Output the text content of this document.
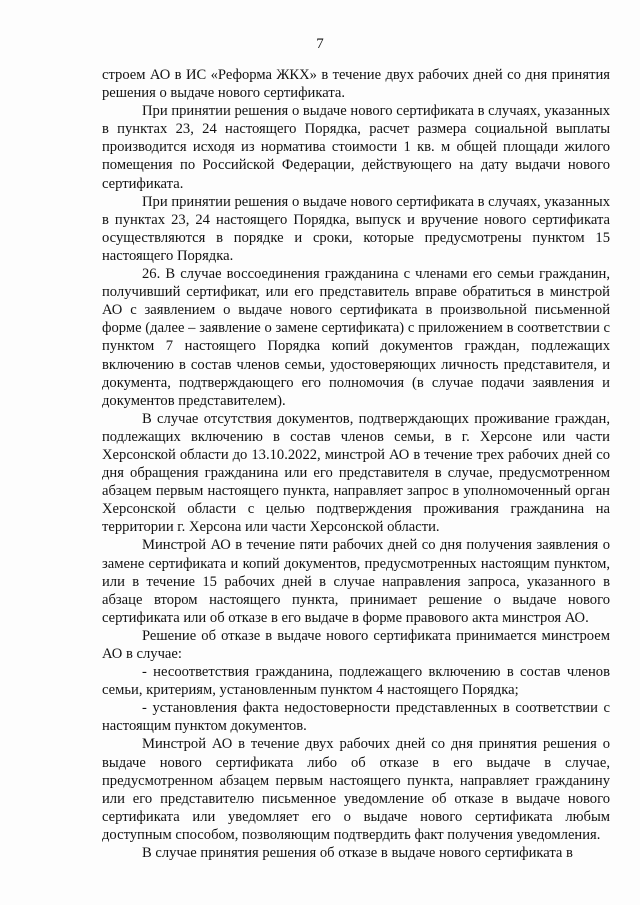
7

строем АО в ИС «Реформа ЖКХ» в течение двух рабочих дней со дня принятия решения о выдаче нового сертификата.

При принятии решения о выдаче нового сертификата в случаях, указанных в пунктах 23, 24 настоящего Порядка, расчет размера социальной выплаты производится исходя из норматива стоимости 1 кв. м общей площади жилого помещения по Российской Федерации, действующего на дату выдачи нового сертификата.

При принятии решения о выдаче нового сертификата в случаях, указанных в пунктах 23, 24 настоящего Порядка, выпуск и вручение нового сертификата осуществляются в порядке и сроки, которые предусмотрены пунктом 15 настоящего Порядка.

26. В случае воссоединения гражданина с членами его семьи гражданин, получивший сертификат, или его представитель вправе обратиться в минстрой АО с заявлением о выдаче нового сертификата в произвольной письменной форме (далее – заявление о замене сертификата) с приложением в соответствии с пунктом 7 настоящего Порядка копий документов граждан, подлежащих включению в состав членов семьи, удостоверяющих личность представителя, и документа, подтверждающего его полномочия (в случае подачи заявления и документов представителем).

В случае отсутствия документов, подтверждающих проживание граждан, подлежащих включению в состав членов семьи, в г. Херсоне или части Херсонской области до 13.10.2022, минстрой АО в течение трех рабочих дней со дня обращения гражданина или его представителя в случае, предусмотренном абзацем первым настоящего пункта, направляет запрос в уполномоченный орган Херсонской области с целью подтверждения проживания гражданина на территории г. Херсона или части Херсонской области.

Минстрой АО в течение пяти рабочих дней со дня получения заявления о замене сертификата и копий документов, предусмотренных настоящим пунктом, или в течение 15 рабочих дней в случае направления запроса, указанного в абзаце втором настоящего пункта, принимает решение о выдаче нового сертификата или об отказе в его выдаче в форме правового акта минстроя АО.

Решение об отказе в выдаче нового сертификата принимается минстроем АО в случае:

- несоответствия гражданина, подлежащего включению в состав членов семьи, критериям, установленным пунктом 4 настоящего Порядка;

- установления факта недостоверности представленных в соответствии с настоящим пунктом документов.

Минстрой АО в течение двух рабочих дней со дня принятия решения о выдаче нового сертификата либо об отказе в его выдаче в случае, предусмотренном абзацем первым настоящего пункта, направляет гражданину или его представителю письменное уведомление об отказе в выдаче нового сертификата или уведомляет его о выдаче нового сертификата любым доступным способом, позволяющим подтвердить факт получения уведомления.

В случае принятия решения об отказе в выдаче нового сертификата в
